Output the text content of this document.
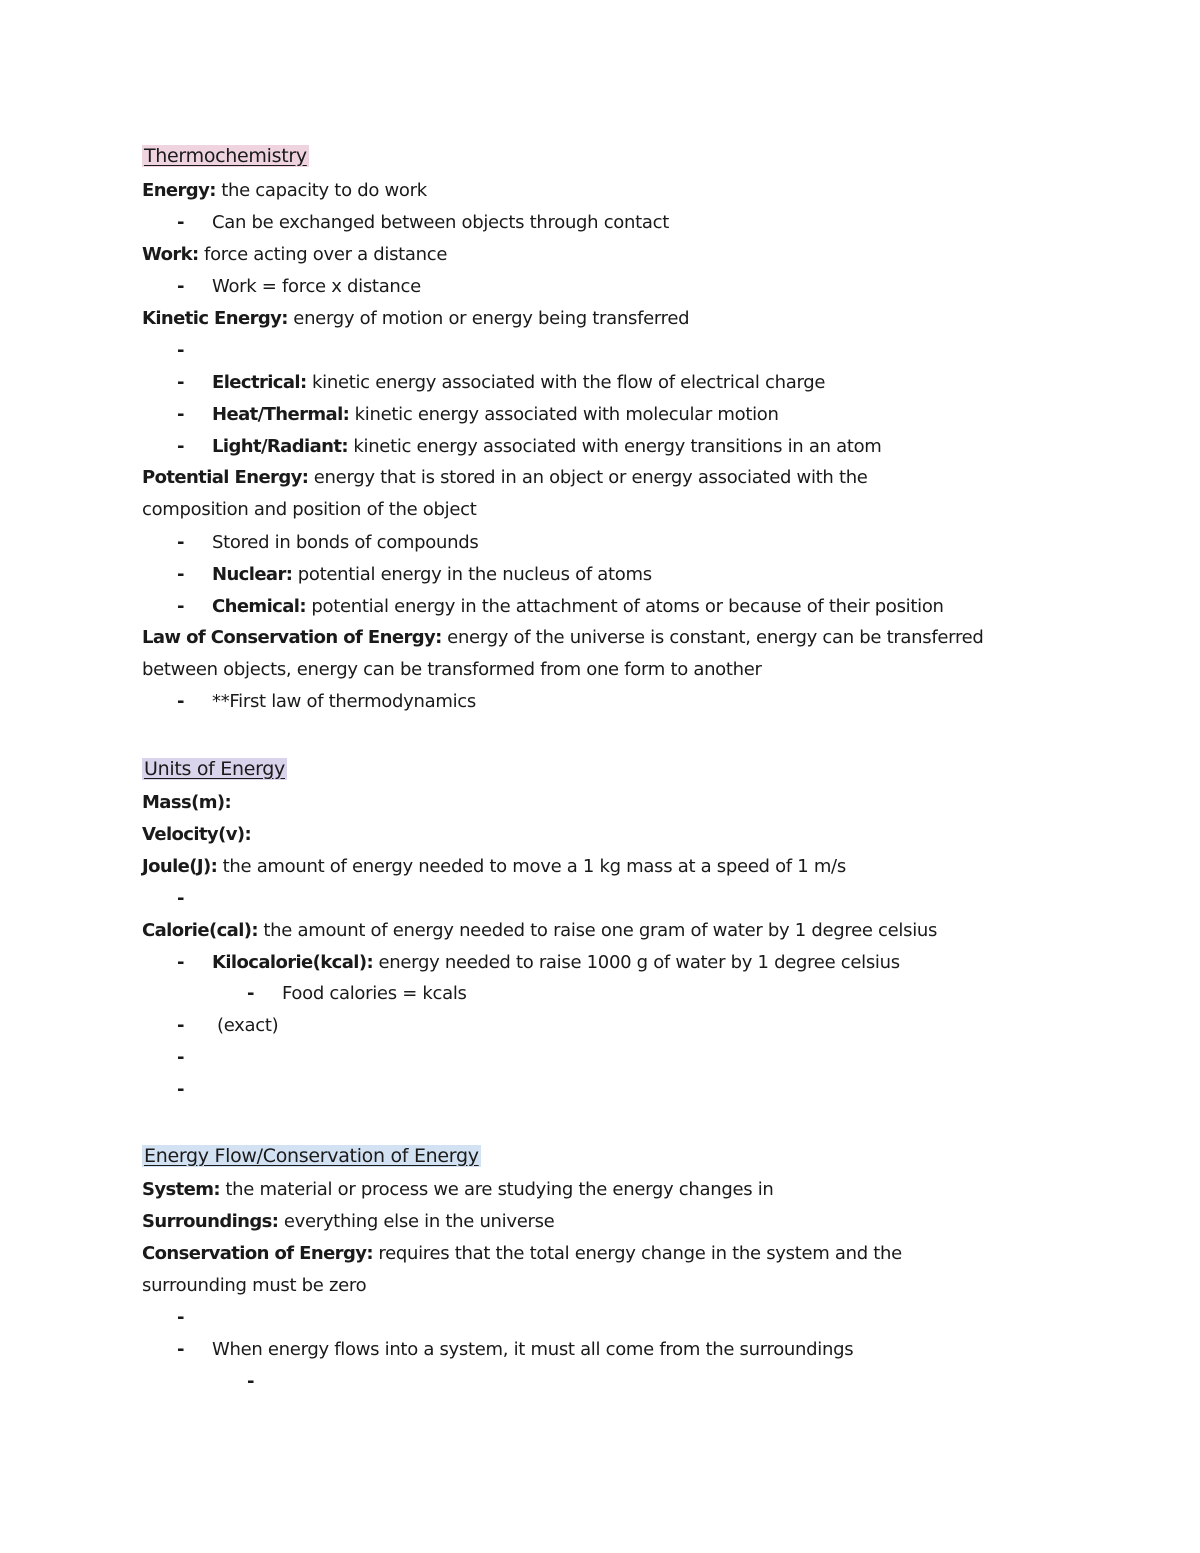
Thermochemistry
Energy: the capacity to do work
- Can be exchanged between objects through contact
Work: force acting over a distance
- Work = force x distance
Kinetic Energy: energy of motion or energy being transferred
-
- Electrical: kinetic energy associated with the flow of electrical charge
- Heat/Thermal: kinetic energy associated with molecular motion
- Light/Radiant: kinetic energy associated with energy transitions in an atom
Potential Energy: energy that is stored in an object or energy associated with the
composition and position of the object
- Stored in bonds of compounds
- Nuclear: potential energy in the nucleus of atoms
- Chemical: potential energy in the attachment of atoms or because of their position
Law of Conservation of Energy: energy of the universe is constant, energy can be transferred
between objects, energy can be transformed from one form to another
- **First law of thermodynamics
Units of Energy
Mass(m):
Velocity(v):
Joule(J): the amount of energy needed to move a 1 kg mass at a speed of 1 m/s
-
Calorie(cal): the amount of energy needed to raise one gram of water by 1 degree celsius
- Kilocalorie(kcal): energy needed to raise 1000 g of water by 1 degree celsius
- Food calories = kcals
- (exact)
-
-
Energy Flow/Conservation of Energy
System: the material or process we are studying the energy changes in
Surroundings: everything else in the universe
Conservation of Energy: requires that the total energy change in the system and the
surrounding must be zero
-
- When energy flows into a system, it must all come from the surroundings
-
